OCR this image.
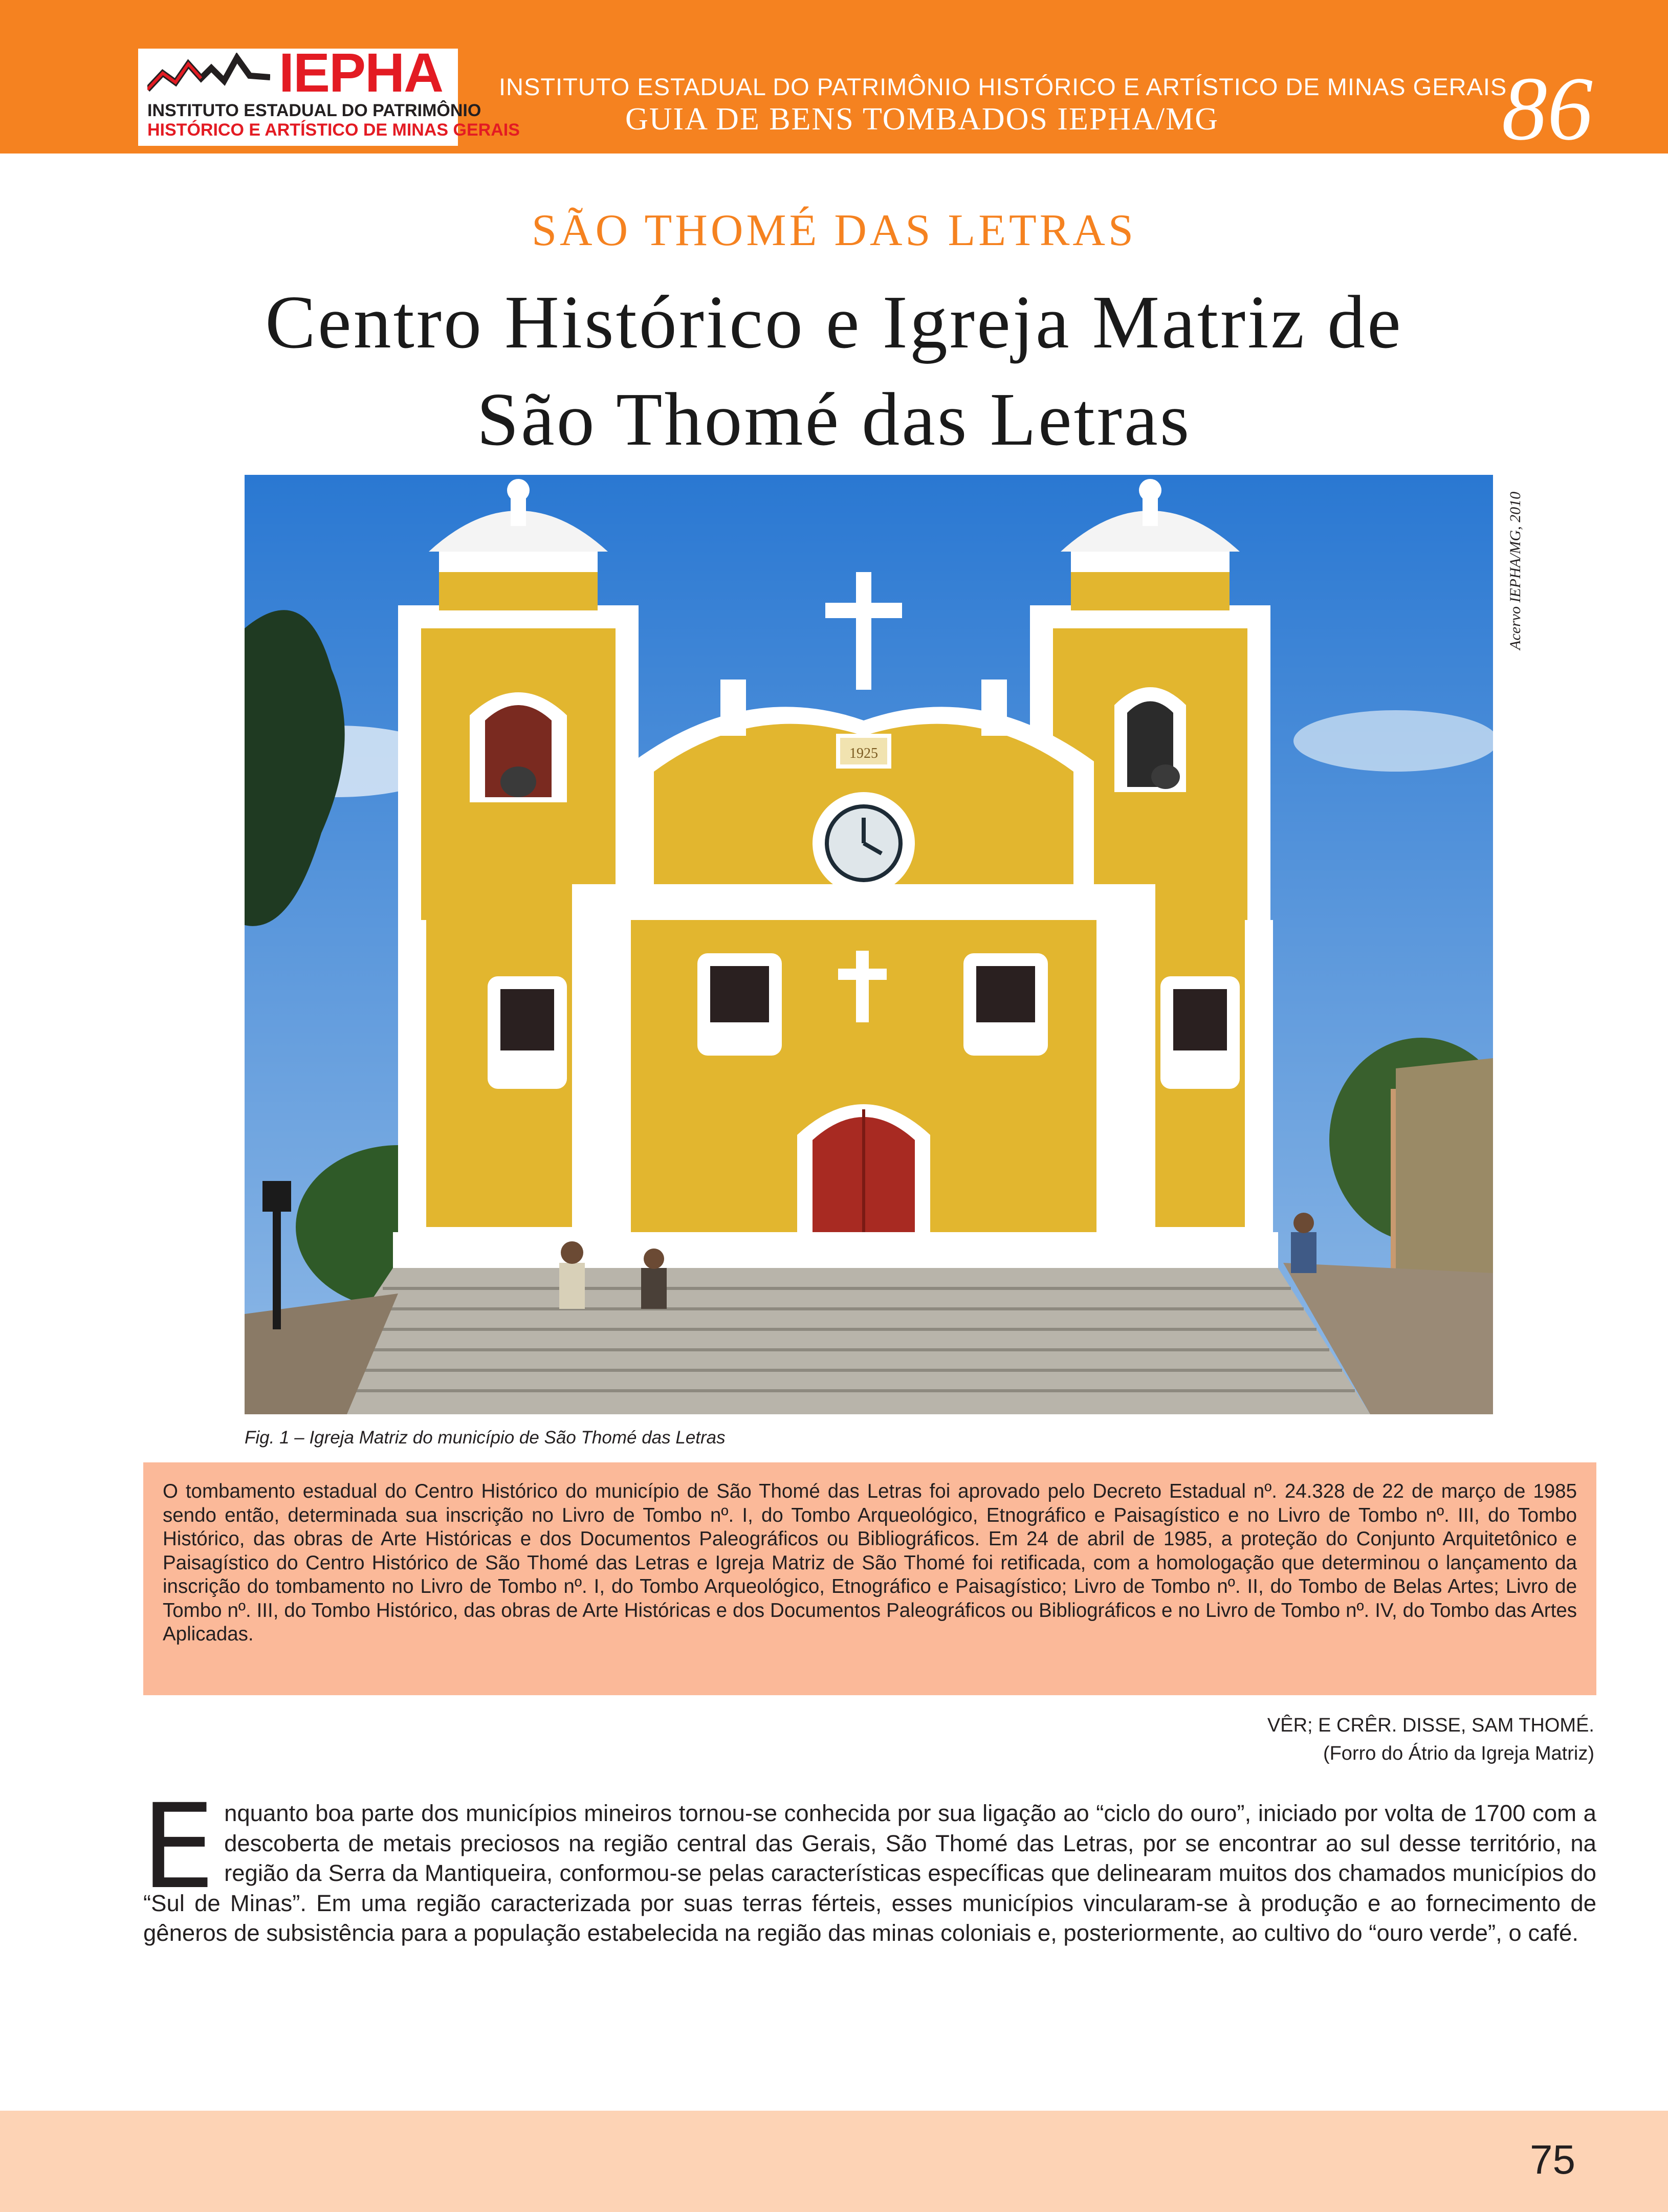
IEPHA
INSTITUTO ESTADUAL DO PATRIMÔNIO
HISTÓRICO E ARTÍSTICO DE MINAS GERAIS
INSTITUTO ESTADUAL DO PATRIMÔNIO HISTÓRICO E ARTÍSTICO DE MINAS GERAIS
GUIA DE BENS TOMBADOS IEPHA/MG	86
SÃO THOMÉ DAS LETRAS
Centro Histórico e Igreja Matriz de
São Thomé das Letras
1925
Acervo IEPHA/MG, 2010
Fig. 1 – Igreja Matriz do município de São Thomé das Letras
O tombamento estadual do Centro Histórico do município de São Thomé das Letras foi aprovado pelo Decreto Estadual nº. 24.328 de 22 de março de 1985 sendo então, determinada sua inscrição no Livro de Tombo nº. I, do Tombo Arqueológico, Etnográfico e Paisagístico e no Livro de Tombo nº. III, do Tombo Histórico, das obras de Arte Históricas e dos Documentos Paleográficos ou Bibliográficos. Em 24 de abril de 1985, a proteção do Conjunto Arquitetônico e Paisagístico do Centro Histórico de São Thomé das Letras e Igreja Matriz de São Thomé foi retificada, com a homologação que determinou o lançamento da inscrição do tombamento no Livro de Tombo nº. I, do Tombo Arqueológico, Etnográfico e Paisagístico; Livro de Tombo nº. II, do Tombo de Belas Artes; Livro de Tombo nº. III, do Tombo Histórico, das obras de Arte Históricas e dos Documentos Paleográficos ou Bibliográficos e no Livro de Tombo nº. IV, do Tombo das Artes Aplicadas.
VÊR; E CRÊR. DISSE, SAM THOMÉ.
(Forro do Átrio da Igreja Matriz)
Enquanto boa parte dos municípios mineiros tornou-se conhecida por sua ligação ao “ciclo do ouro”, iniciado por volta de 1700 com a descoberta de metais preciosos na região central das Gerais, São Thomé das Letras, por se encontrar ao sul desse território, na região da Serra da Mantiqueira, conformou-se pelas características específicas que delinearam muitos dos chamados municípios do “Sul de Minas”. Em uma região caracterizada por suas terras férteis, esses municípios vincularam-se à produção e ao fornecimento de gêneros de subsistência para a população estabelecida na região das minas coloniais e, posteriormente, ao cultivo do “ouro verde”, o café.
75
